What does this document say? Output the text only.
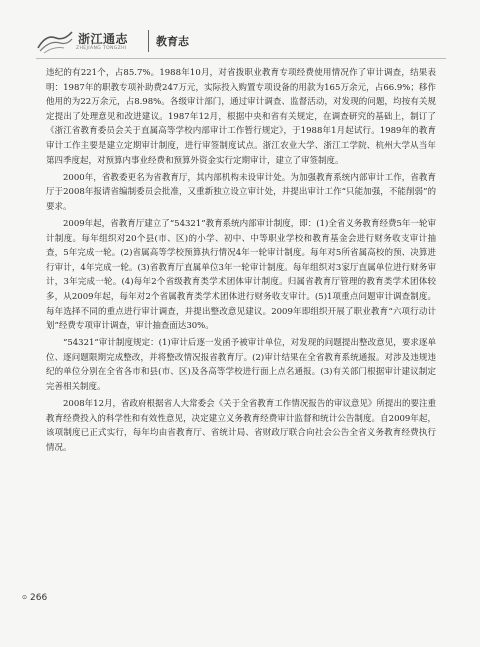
浙江通志
ZHEJIANG TONGZHI
教育志

违纪的有221个，占85.7%。1988年10月，对省拨职业教育专项经费使用情况作了审计调查，结果表明：1987年的职教专项补助费247万元，实际投入购置专项设备的用款为165万余元，占66.9%；移作他用的为22万余元，占8.98%。各级审计部门，通过审计调查、监督活动，对发现的问题，均按有关规定提出了处理意见和改进建议。1987年12月，根据中央和省有关规定，在调查研究的基础上，制订了《浙江省教育委员会关于直属高等学校内部审计工作暂行规定》，于1988年1月起试行。1989年的教育审计工作主要是建立定期审计制度，进行审签制度试点。浙江农业大学、浙江工学院、杭州大学从当年第四季度起，对预算内事业经费和预算外资金实行定期审计，建立了审签制度。

2000年，省教委更名为省教育厅，其内部机构未设审计处。为加强教育系统内部审计工作，省教育厅于2008年报请省编制委员会批准，又重新独立设立审计处，并提出审计工作“只能加强，不能削弱”的要求。

2009年起，省教育厅建立了“54321”教育系统内部审计制度，即：(1)全省义务教育经费5年一轮审计制度。每年组织对20个县(市、区)的小学、初中、中等职业学校和教育基金会进行财务收支审计抽查，5年完成一轮。(2)省属高等学校预算执行情况4年一轮审计制度。每年对5所省属高校的预、决算进行审计，4年完成一轮。(3)省教育厅直属单位3年一轮审计制度。每年组织对3家厅直属单位进行财务审计，3年完成一轮。(4)每年2个省级教育类学术团体审计制度。归属省教育厅管理的教育类学术团体较多，从2009年起，每年对2个省属教育类学术团体进行财务收支审计。(5)1项重点问题审计调查制度。每年选择不同的重点进行审计调查，并提出整改意见建议。2009年即组织开展了职业教育“六项行动计划”经费专项审计调查，审计抽查面达30%。

“54321”审计制度规定：(1)审计后逐一发函予被审计单位，对发现的问题提出整改意见，要求逐单位、逐问题限期完成整改，并将整改情况报省教育厅。(2)审计结果在全省教育系统通报。对涉及违规违纪的单位分别在全省各市和县(市、区)及各高等学校进行面上点名通报。(3)有关部门根据审计建议制定完善相关制度。

2008年12月，省政府根据省人大常委会《关于全省教育工作情况报告的审议意见》所提出的要注重教育经费投入的科学性和有效性意见，决定建立义务教育经费审计监督和统计公告制度。自2009年起，该项制度已正式实行，每年均由省教育厅、省统计局、省财政厅联合向社会公告全省义务教育经费执行情况。

⊙ 266
